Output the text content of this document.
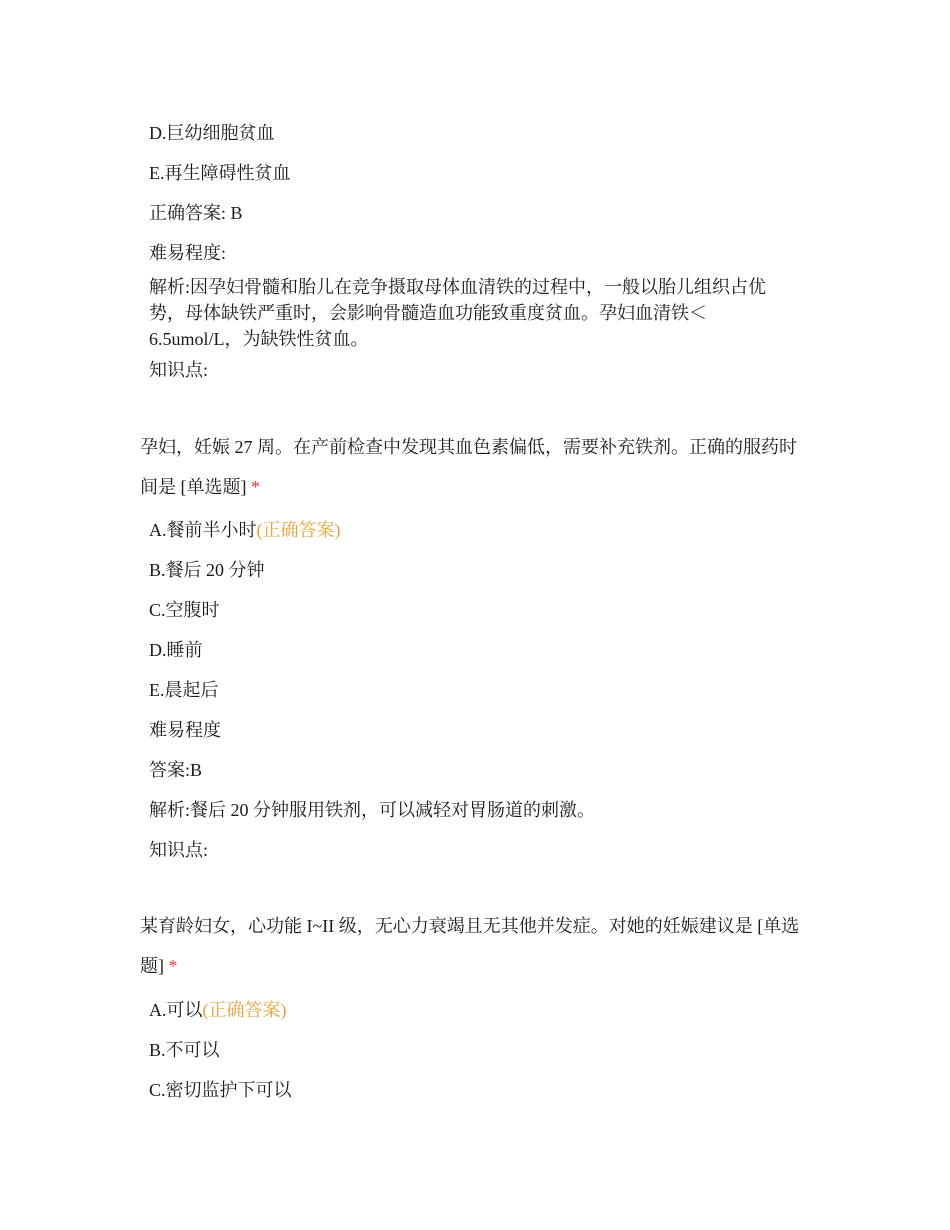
D.巨幼细胞贫血
E.再生障碍性贫血
正确答案: B
难易程度:
解析:因孕妇骨髓和胎儿在竞争摄取母体血清铁的过程中，一般以胎儿组织占优势，母体缺铁严重时，会影响骨髓造血功能致重度贫血。孕妇血清铁＜6.5umol/L，为缺铁性贫血。
知识点:
孕妇，妊娠 27 周。在产前检查中发现其血色素偏低，需要补充铁剂。正确的服药时间是 [单选题] *
A.餐前半小时(正确答案)
B.餐后 20 分钟
C.空腹时
D.睡前
E.晨起后
难易程度
答案:B
解析:餐后 20 分钟服用铁剂，可以减轻对胃肠道的刺激。
知识点:
某育龄妇女，心功能 I~II 级，无心力衰竭且无其他并发症。对她的妊娠建议是 [单选题] *
A.可以(正确答案)
B.不可以
C.密切监护下可以
